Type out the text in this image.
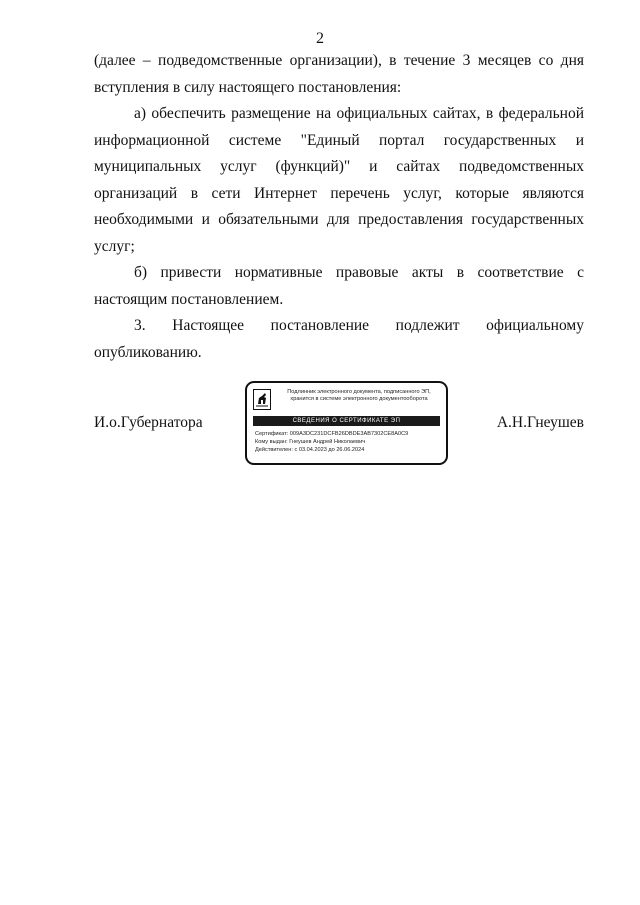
2

(далее – подведомственные организации), в течение 3 месяцев со дня вступления в силу настоящего постановления:

а) обеспечить размещение на официальных сайтах, в федеральной информационной системе "Единый портал государственных и муниципальных услуг (функций)" и сайтах подведомственных организаций в сети Интернет перечень услуг, которые являются необходимыми и обязательными для предоставления государственных услуг;

б) привести нормативные правовые акты в соответствие с настоящим постановлением.

3. Настоящее постановление подлежит официальному опубликованию.

И.о.Губернатора	А.Н.Гнеушев
Подлинник электронного документа, подписанного ЭП,
хранится в системе электронного документооборота
СВЕДЕНИЯ О СЕРТИФИКАТЕ ЭП
Сертификат: 009A3DC231DCFB26DBDE3AB7302CE8A0C9
Кому выдан: Гнеушев Андрей Николаевич
Действителен: с 03.04.2023 до 26.06.2024
